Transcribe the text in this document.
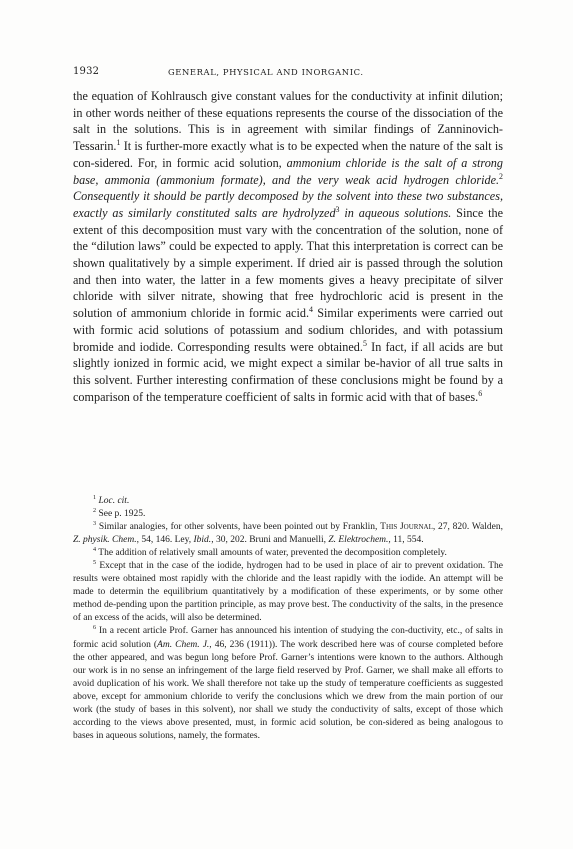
1932	GENERAL, PHYSICAL AND INORGANIC.

the equation of Kohlrausch give constant values for the conductivity at infinit dilution; in other words neither of these equations represents the course of the dissociation of the salt in the solutions. This is in agreement with similar findings of Zanninovich-Tessarin.$^1$ It is further-more exactly what is to be expected when the nature of the salt is con-sidered. For, in formic acid solution, ammonium chloride is the salt of a strong base, ammonia (ammonium formate), and the very weak acid hydrogen chloride.$^2$ Consequently it should be partly decomposed by the solvent into these two substances, exactly as similarly constituted salts are hydrolyzed$^3$ in aqueous solutions. Since the extent of this decomposition must vary with the concentration of the solution, none of the “dilution laws” could be expected to apply. That this interpretation is correct can be shown qualitatively by a simple experiment. If dried air is passed through the solution and then into water, the latter in a few moments gives a heavy precipitate of silver chloride with silver nitrate, showing that free hydrochloric acid is present in the solution of ammonium chloride in formic acid.$^4$ Similar experiments were carried out with formic acid solutions of potassium and sodium chlorides, and with potassium bromide and iodide. Corresponding results were obtained.$^5$ In fact, if all acids are but slightly ionized in formic acid, we might expect a similar be-havior of all true salts in this solvent. Further interesting confirmation of these conclusions might be found by a comparison of the temperature coefficient of salts in formic acid with that of bases.$^6$

$^1$ Loc. cit.

$^2$ See p. 1925.

$^3$ Similar analogies, for other solvents, have been pointed out by Franklin, This Journal, 27, 820. Walden, Z. physik. Chem., 54, 146. Ley, Ibid., 30, 202. Bruni and Manuelli, Z. Elektrochem., 11, 554.

$^4$ The addition of relatively small amounts of water, prevented the decomposition completely.

$^5$ Except that in the case of the iodide, hydrogen had to be used in place of air to prevent oxidation. The results were obtained most rapidly with the chloride and the least rapidly with the iodide. An attempt will be made to determin the equilibrium quantitatively by a modification of these experiments, or by some other method de-pending upon the partition principle, as may prove best. The conductivity of the salts, in the presence of an excess of the acids, will also be determined.

$^6$ In a recent article Prof. Garner has announced his intention of studying the con-ductivity, etc., of salts in formic acid solution (Am. Chem. J., 46, 236 (1911)). The work described here was of course completed before the other appeared, and was begun long before Prof. Garner’s intentions were known to the authors. Although our work is in no sense an infringement of the large field reserved by Prof. Garner, we shall make all efforts to avoid duplication of his work. We shall therefore not take up the study of temperature coefficients as suggested above, except for ammonium chloride to verify the conclusions which we drew from the main portion of our work (the study of bases in this solvent), nor shall we study the conductivity of salts, except of those which according to the views above presented, must, in formic acid solution, be con-sidered as being analogous to bases in aqueous solutions, namely, the formates.
